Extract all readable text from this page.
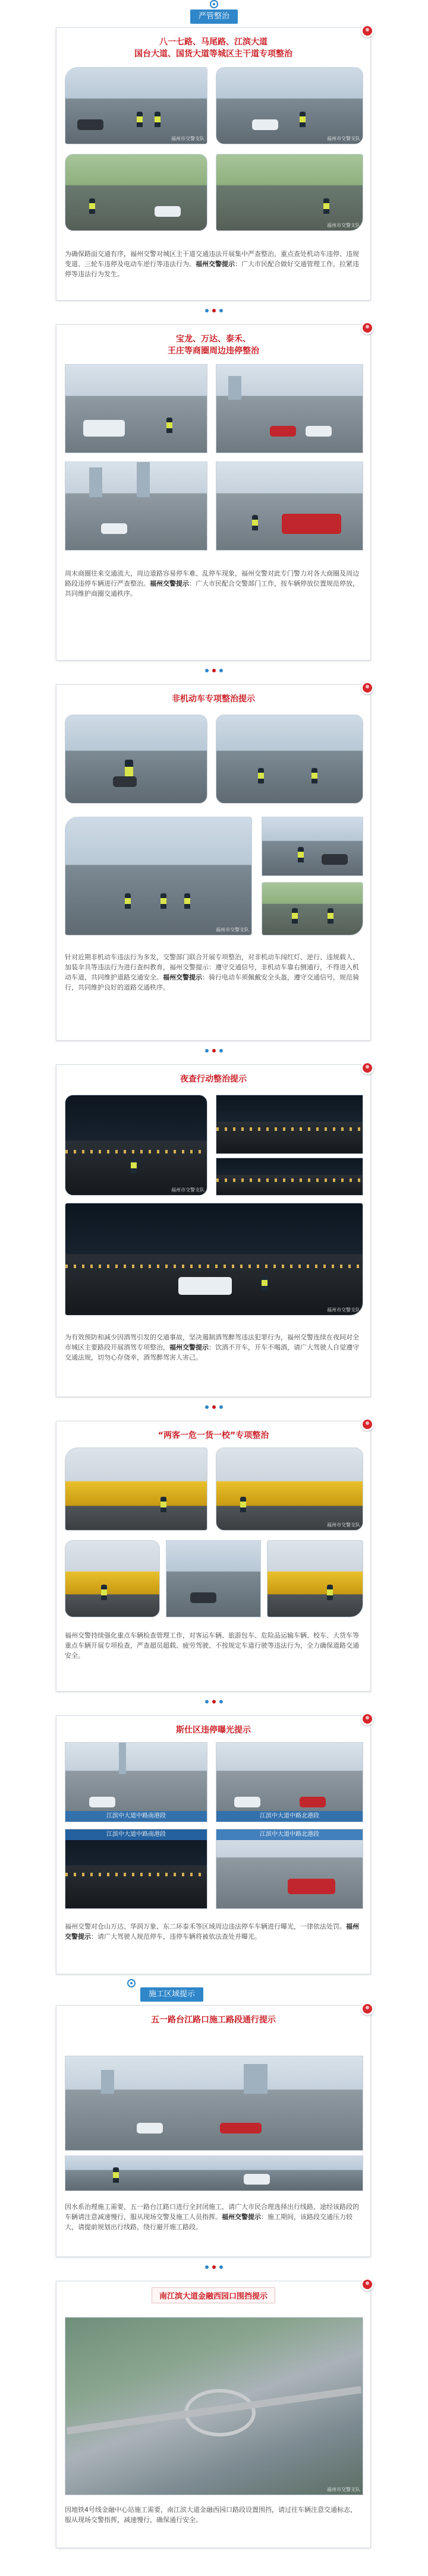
严管整治
八一七路、马尾路、江滨大道
国台大道、国货大道等城区主干道专项整治
福州市交警支队	福州市交警支队
福州市交警支队
为确保路面交通有序，福州交警对城区主干道交通违法开展集中严查整治，重点查处机动车违停、违规变道、三轮车违停及电动车逆行等违法行为。福州交警提示：广大市民配合做好交通管理工作，拉紧违停等违法行为发生。
宝龙、万达、泰禾、
王庄等商圈周边违停整治
周末商圈往来交通流大，周边道路容易停车难、乱停车现象，福州交警对此专门警力对各大商圈及周边路段违停车辆进行严查整治。福州交警提示：广大市民配合交警部门工作，按车辆停放位置规范停放，共同维护商圈交通秩序。
非机动车专项整治提示
福州市交警支队
针对近期非机动车违法行为多发，交警部门联合开展专项整治，对非机动车闯红灯、逆行、违规载人、加装伞具等违法行为进行查纠教育，福州交警提示：遵守交通信号，非机动车靠右侧通行，不得进入机动车道，共同维护道路交通安全。福州交警提示：骑行电动车须佩戴安全头盔，遵守交通信号，规范骑行，共同维护良好的道路交通秩序。
夜查行动整治提示
福州市交警支队
福州市交警支队
为有效预防和减少因酒驾引发的交通事故，坚决遏制酒驾醉驾违法犯罪行为，福州交警连续在夜间对全市城区主要路段开展酒驾专项整治，福州交警提示：饮酒不开车，开车不喝酒，请广大驾驶人自觉遵守交通法规，切勿心存侥幸，酒驾醉驾害人害己。
“两客一危一货一校”专项整治
福州市交警支队
福州交警持续强化重点车辆检查管理工作，对客运车辆、旅游包车、危险品运输车辆、校车、大货车等重点车辆开展专项检查，严查超员超载、疲劳驾驶、不按规定车道行驶等违法行为，全力确保道路交通安全。
斯仕区违停曝光提示
江滨中大道中路南港段	江滨中大道中路北港段
江滨中大道中路南港段	江滨中大道中路北港段
福州交警对仓山万达、华润万象、东二环泰禾等区域周边违法停车车辆进行曝光，一律依法处罚。福州交警提示：请广大驾驶人规范停车，违停车辆将被依法查处并曝光。
施工区域提示
五一路台江路口施工路段通行提示
因水系治理施工需要，五一路台江路口进行全封闭施工，请广大市民合理选择出行线路，途经该路段的车辆请注意减速慢行，服从现场交警及施工人员指挥。福州交警提示：施工期间，该路段交通压力较大，请提前规划出行线路，绕行避开施工路段。
南江滨大道金融西园口围挡提示
福州市交警支队
因地铁4号线金融中心站施工需要，南江滨大道金融西园口路段设置围挡，请过往车辆注意交通标志，服从现场交警指挥，减速慢行，确保通行安全。
